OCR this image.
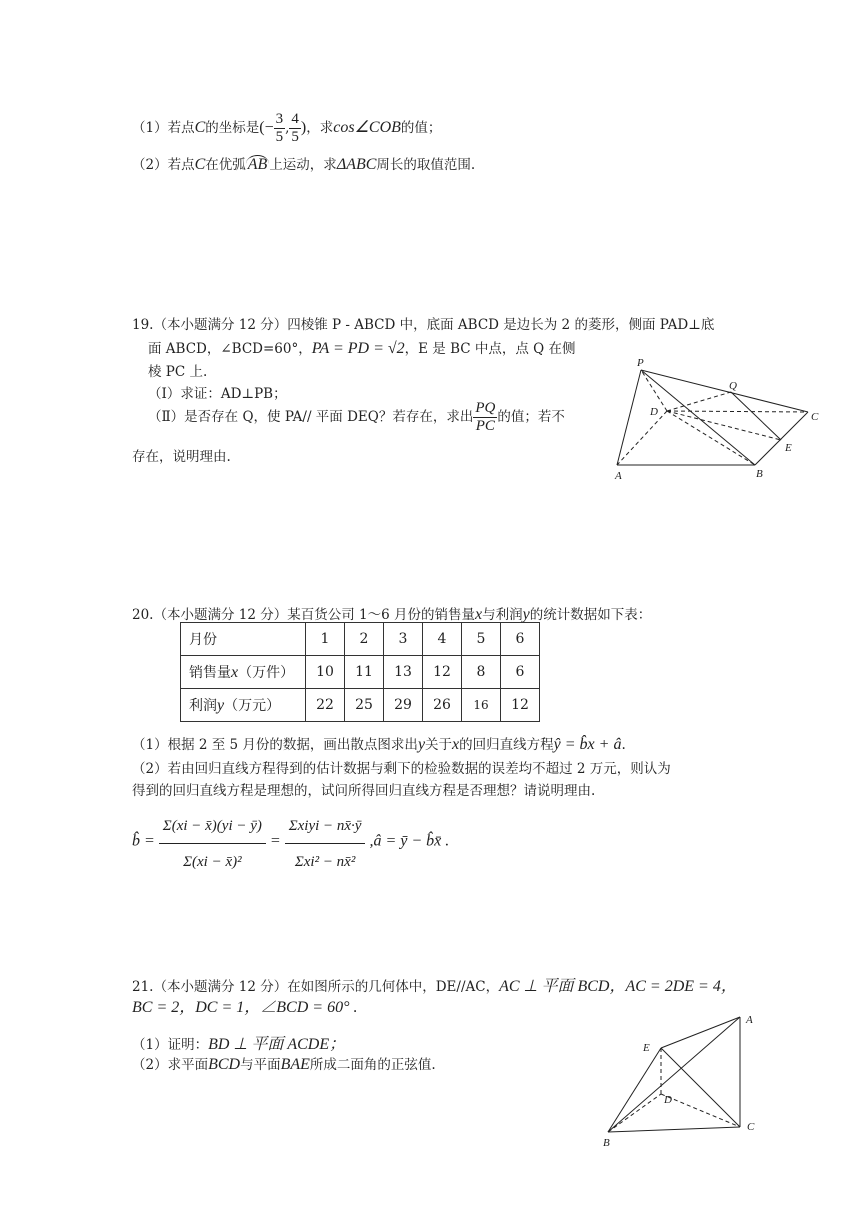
（1）若点C的坐标是(− $\frac{3}{5}$ , $\frac{4}{5}$ )，求cos∠COB的值；
（2）若点C在优弧 AB 上运动，求ΔABC周长的取值范围.
19.（本小题满分 12 分）四棱锥 P - ABCD 中，底面 ABCD 是边长为 2 的菱形，侧面 PAD⊥底
面 ABCD，∠BCD=60°，PA = PD = √2，E 是 BC 中点，点 Q 在侧
棱 PC 上.
（Ⅰ）求证：AD⊥PB；
（Ⅱ）是否存在 Q，使 PA// 平面 DEQ？若存在，求出 $\frac{PQ}{PC}$ 的值；若不
存在，说明理由.
P
Q
D	C
E
A	B
20.（本小题满分 12 分）某百货公司 1～6 月份的销售量x与利润y的统计数据如下表：
月份	1	2	3	4	5	6
销售量x（万件）	10	11	13	12	8	6
利润y（万元）	22	25	29	26	16	12
（1）根据 2 至 5 月份的数据，画出散点图求出y关于x的回归直线方程ŷ = b̂x + â.
（2）若由回归直线方程得到的估计数据与剩下的检验数据的误差均不超过 2 万元，则认为
得到的回归直线方程是理想的，试问所得回归直线方程是否理想？请说明理由.
b̂ = $\frac{\Sigma(xi - x̄)(yi - ȳ)}{\text{Σ(xi − x̄)²}} = \frac{\text{Σxiyi − nx̄·ȳ}}{\text{Σxi² − nx̄²}}$ ,â = ȳ − b̂x̄ .
21.（本小题满分 12 分）在如图所示的几何体中，DE//AC，AC ⊥ 平面 BCD，AC = 2DE = 4，
BC = 2，DC = 1，∠BCD = 60° .
（1）证明：BD ⊥ 平面 ACDE；
（2）求平面BCD与平面BAE所成二面角的正弦值.
A
E
D
C
B
